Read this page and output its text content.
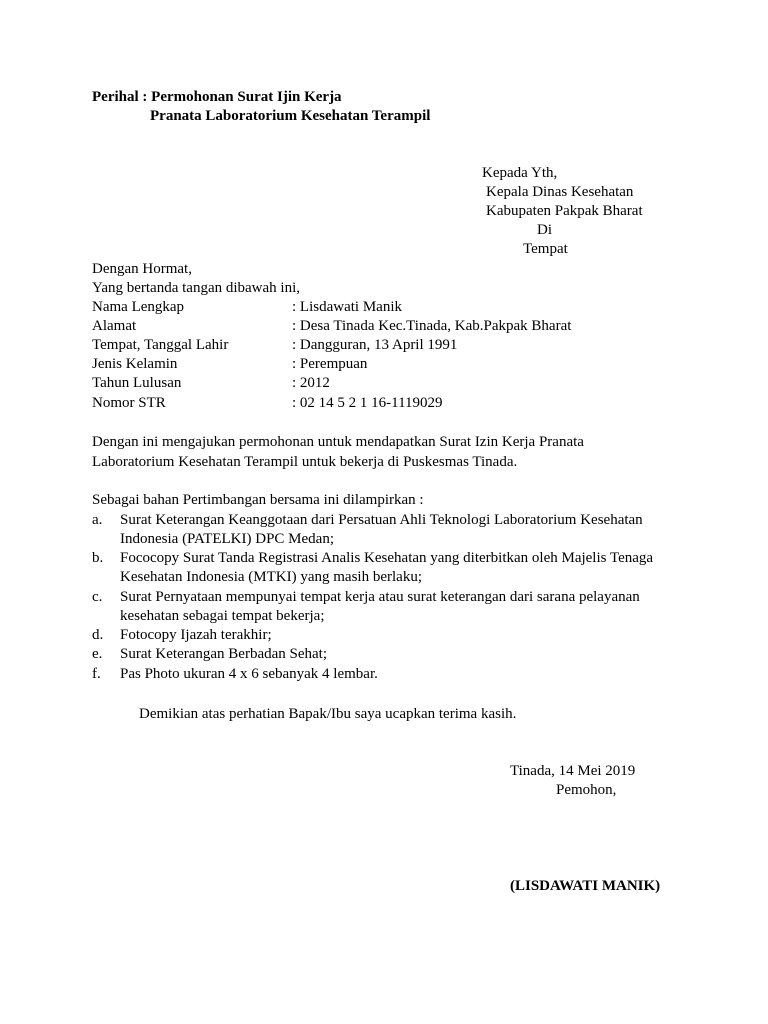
Perihal : Permohonan Surat Ijin Kerja
Pranata Laboratorium Kesehatan Terampil
Kepada Yth,
Kepala Dinas Kesehatan
Kabupaten Pakpak Bharat
Di
Tempat
Dengan Hormat,
Yang bertanda tangan dibawah ini,
Nama Lengkap	: Lisdawati Manik
Alamat	: Desa Tinada Kec.Tinada, Kab.Pakpak Bharat
Tempat, Tanggal Lahir	: Dangguran, 13 April 1991
Jenis Kelamin	: Perempuan
Tahun Lulusan	: 2012
Nomor STR	: 02 14 5 2 1 16-1119029
Dengan ini mengajukan permohonan untuk mendapatkan Surat Izin Kerja Pranata
Laboratorium Kesehatan Terampil untuk bekerja di Puskesmas Tinada.
Sebagai bahan Pertimbangan bersama ini dilampirkan :
a. Surat Keterangan Keanggotaan dari Persatuan Ahli Teknologi Laboratorium Kesehatan
Indonesia (PATELKI) DPC Medan;
b. Fococopy Surat Tanda Registrasi Analis Kesehatan yang diterbitkan oleh Majelis Tenaga
Kesehatan Indonesia (MTKI) yang masih berlaku;
c. Surat Pernyataan mempunyai tempat kerja atau surat keterangan dari sarana pelayanan
kesehatan sebagai tempat bekerja;
d. Fotocopy Ijazah terakhir;
e. Surat Keterangan Berbadan Sehat;
f. Pas Photo ukuran 4 x 6 sebanyak 4 lembar.
Demikian atas perhatian Bapak/Ibu saya ucapkan terima kasih.
Tinada, 14 Mei 2019
Pemohon,
(LISDAWATI MANIK)
